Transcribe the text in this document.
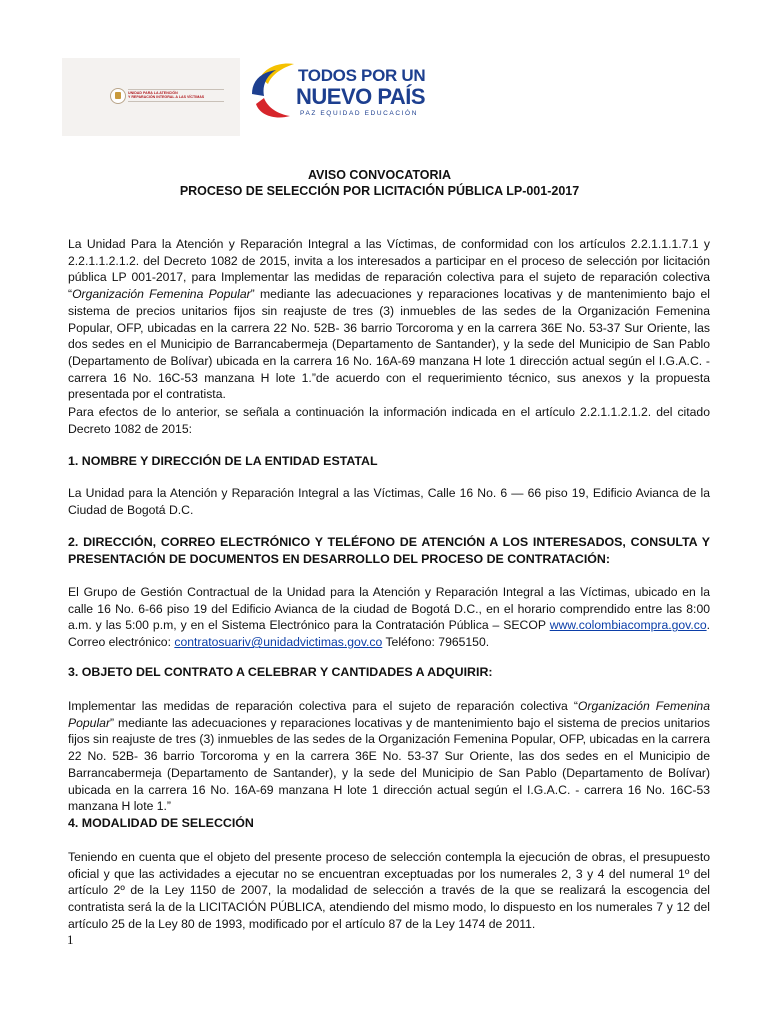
UNIDAD PARA LA ATENCIÓN
Y REPARACIÓN INTEGRAL A LAS VÍCTIMAS
TODOS POR UN
NUEVO PAÍS
PAZ EQUIDAD EDUCACIÓN
AVISO CONVOCATORIA
PROCESO DE SELECCIÓN POR LICITACIÓN PÚBLICA LP-001-2017
La Unidad Para la Atención y Reparación Integral a las Víctimas, de conformidad con los artículos 2.2.1.1.1.7.1 y 2.2.1.1.2.1.2. del Decreto 1082 de 2015, invita a los interesados a participar en el proceso de selección por licitación pública LP 001-2017, para Implementar las medidas de reparación colectiva para el sujeto de reparación colectiva “Organización Femenina Popular” mediante las adecuaciones y reparaciones locativas y de mantenimiento bajo el sistema de precios unitarios fijos sin reajuste de tres (3) inmuebles de las sedes de la Organización Femenina Popular, OFP, ubicadas en la carrera 22 No. 52B- 36 barrio Torcoroma y en la carrera 36E No. 53-37 Sur Oriente, las dos sedes en el Municipio de Barrancabermeja (Departamento de Santander), y la sede del Municipio de San Pablo (Departamento de Bolívar) ubicada en la carrera 16 No. 16A-69 manzana H lote 1 dirección actual según el I.G.A.C. - carrera 16 No. 16C-53 manzana H lote 1.”de acuerdo con el requerimiento técnico, sus anexos y la propuesta presentada por el contratista.
Para efectos de lo anterior, se señala a continuación la información indicada en el artículo 2.2.1.1.2.1.2. del citado Decreto 1082 de 2015:
1. NOMBRE Y DIRECCIÓN DE LA ENTIDAD ESTATAL
La Unidad para la Atención y Reparación Integral a las Víctimas, Calle 16 No. 6 — 66 piso 19, Edificio Avianca de la Ciudad de Bogotá D.C.
2. DIRECCIÓN, CORREO ELECTRÓNICO Y TELÉFONO DE ATENCIÓN A LOS INTERESADOS, CONSULTA Y PRESENTACIÓN DE DOCUMENTOS EN DESARROLLO DEL PROCESO DE CONTRATACIÓN:
El Grupo de Gestión Contractual de la Unidad para la Atención y Reparación Integral a las Víctimas, ubicado en la calle 16 No. 6-66 piso 19 del Edificio Avianca de la ciudad de Bogotá D.C., en el horario comprendido entre las 8:00 a.m. y las 5:00 p.m, y en el Sistema Electrónico para la Contratación Pública – SECOP www.colombiacompra.gov.co. Correo electrónico: contratosuariv@unidadvictimas.gov.co Teléfono: 7965150.
3. OBJETO DEL CONTRATO A CELEBRAR Y CANTIDADES A ADQUIRIR:
Implementar las medidas de reparación colectiva para el sujeto de reparación colectiva “Organización Femenina Popular” mediante las adecuaciones y reparaciones locativas y de mantenimiento bajo el sistema de precios unitarios fijos sin reajuste de tres (3) inmuebles de las sedes de la Organización Femenina Popular, OFP, ubicadas en la carrera 22 No. 52B- 36 barrio Torcoroma y en la carrera 36E No. 53-37 Sur Oriente, las dos sedes en el Municipio de Barrancabermeja (Departamento de Santander), y la sede del Municipio de San Pablo (Departamento de Bolívar) ubicada en la carrera 16 No. 16A-69 manzana H lote 1 dirección actual según el I.G.A.C. - carrera 16 No. 16C-53 manzana H lote 1.”
4. MODALIDAD DE SELECCIÓN
Teniendo en cuenta que el objeto del presente proceso de selección contempla la ejecución de obras, el presupuesto oficial y que las actividades a ejecutar no se encuentran exceptuadas por los numerales 2, 3 y 4 del numeral 1º del artículo 2º de la Ley 1150 de 2007, la modalidad de selección a través de la que se realizará la escogencia del contratista será la de la LICITACIÓN PÚBLICA, atendiendo del mismo modo, lo dispuesto en los numerales 7 y 12 del artículo 25 de la Ley 80 de 1993, modificado por el artículo 87 de la Ley 1474 de 2011.
1
